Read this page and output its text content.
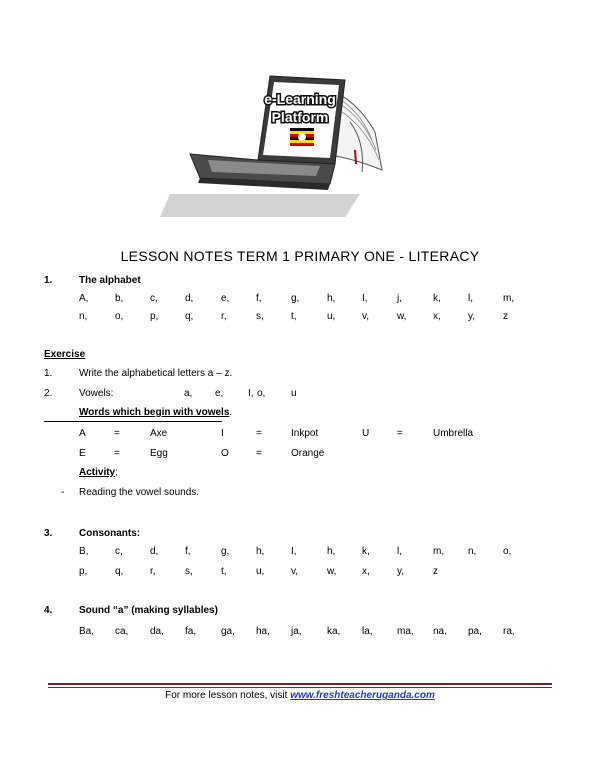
e-Learning
Platform
LESSON NOTES TERM 1 PRIMARY ONE - LITERACY
1.	The alphabet
A,	b,	c,	d,	e,	f,	g,	h,	I,	j,	k,	l,	m,
n,	o,	p,	q,	r,	s,	t,	u,	v,	w,	x,	y,	z
Exercise
1.	Write the alphabetical letters a – z.
2.	Vowels:	a, e, I, o,	u
Words which begin with vowels.
A	=	Axe	I	=	Inkpot	U	=	Umbrella
E	=	Egg	O	=	Orange
Activity;
- Reading the vowel sounds.
3.	Consonants:
B,	c,	d,	f,	g,	h,	I,	h,	k,	l,	m, n,	o,
p,	q,	r,	s,	t,	u,	v,	w,	x,	y,	z
4.	Sound “a” (making syllables)
Ba, ca, da, fa, ga, ha, ja,	ka, la, ma, na, pa, ra,
For more lesson notes, visit www.freshteacheruganda.com
